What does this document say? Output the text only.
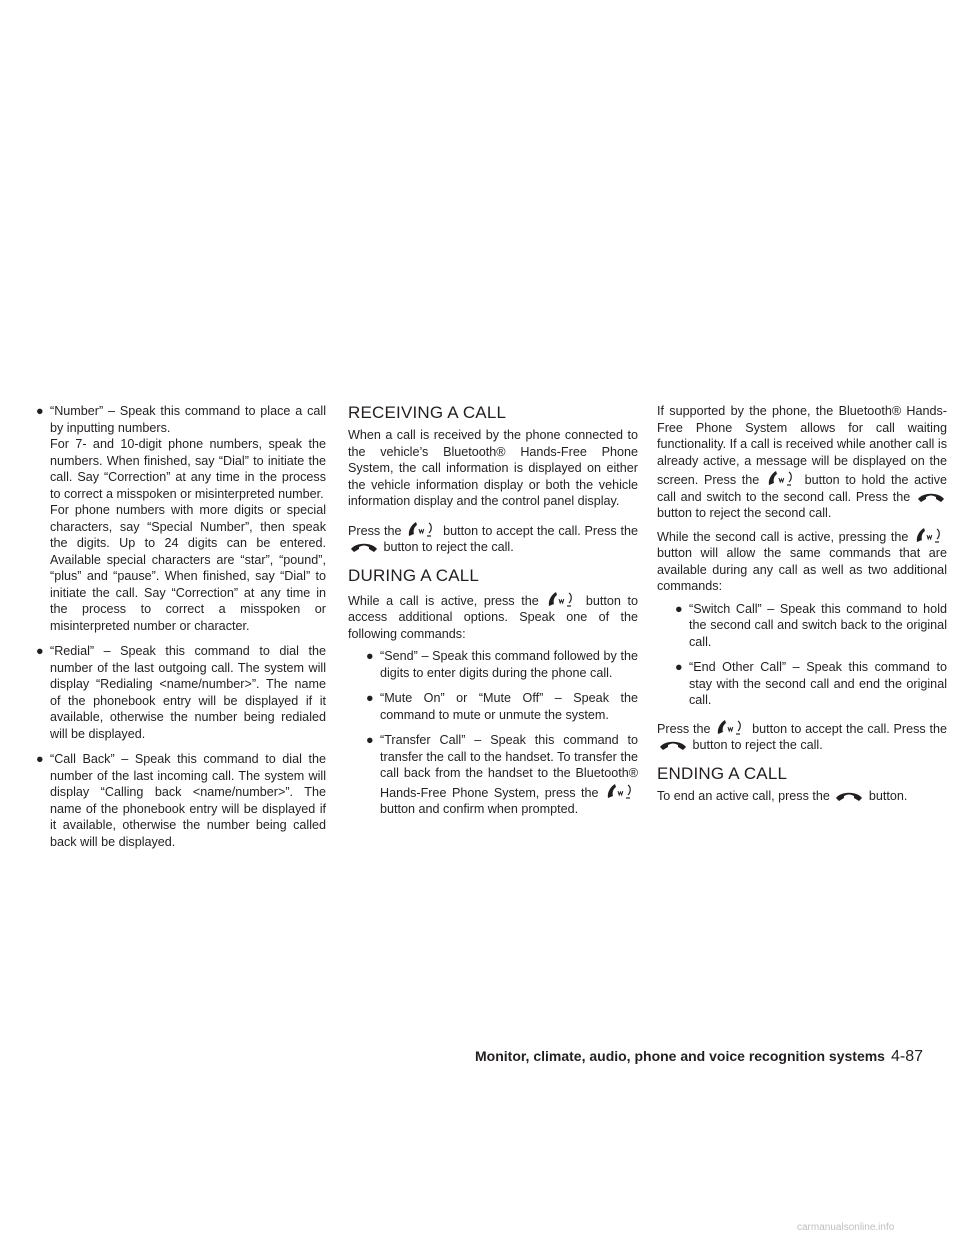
● “Number” – Speak this command to place a call by inputting numbers.

For 7- and 10-digit phone numbers, speak the numbers. When finished, say “Dial” to initiate the call. Say “Correction” at any time in the process to correct a misspoken or misinterpreted number.

For phone numbers with more digits or special characters, say “Special Number”, then speak the digits. Up to 24 digits can be entered. Available special characters are “star”, “pound”, “plus” and “pause”. When finished, say “Dial” to initiate the call. Say “Correction” at any time in the process to correct a misspoken or misinterpreted number or character.

● “Redial” – Speak this command to dial the number of the last outgoing call. The system will display “Redialing <name/number>”. The name of the phonebook entry will be displayed if it available, otherwise the number being redialed will be displayed.

● “Call Back” – Speak this command to dial the number of the last incoming call. The system will display “Calling back <name/number>”. The name of the phonebook entry will be displayed if it available, otherwise the number being called back will be displayed.

RECEIVING A CALL

When a call is received by the phone connected to the vehicle’s Bluetooth® Hands-Free Phone System, the call information is displayed on either the vehicle information display or both the vehicle information display and the control panel display.

Press the	button to accept the call. Press the
button to reject the call.

DURING A CALL

While a call is active, press the	button to access additional options. Speak one of the following commands:

● “Send” – Speak this command followed by the digits to enter digits during the phone call.

● “Mute On” or “Mute Off” – Speak the command to mute or unmute the system.

● “Transfer Call” – Speak this command to transfer the call to the handset. To transfer the call back from the handset to the Bluetooth® Hands-Free Phone System, press the
button and confirm when prompted.

If supported by the phone, the Bluetooth® Hands-Free Phone System allows for call waiting functionality. If a call is received while another call is already active, a message will be displayed on the screen. Press the	button to hold the active call and switch to the second call. Press the
button to reject the second call.

While the second call is active, pressing the
button will allow the same commands that are available during any call as well as two additional commands:

● “Switch Call” – Speak this command to hold the second call and switch back to the original call.

● “End Other Call” – Speak this command to stay with the second call and end the original call.

Press the	button to accept the call. Press the
button to reject the call.

ENDING A CALL

To end an active call, press the	button.

Monitor, climate, audio, phone and voice recognition systems 4-87
carmanualsonline.info
